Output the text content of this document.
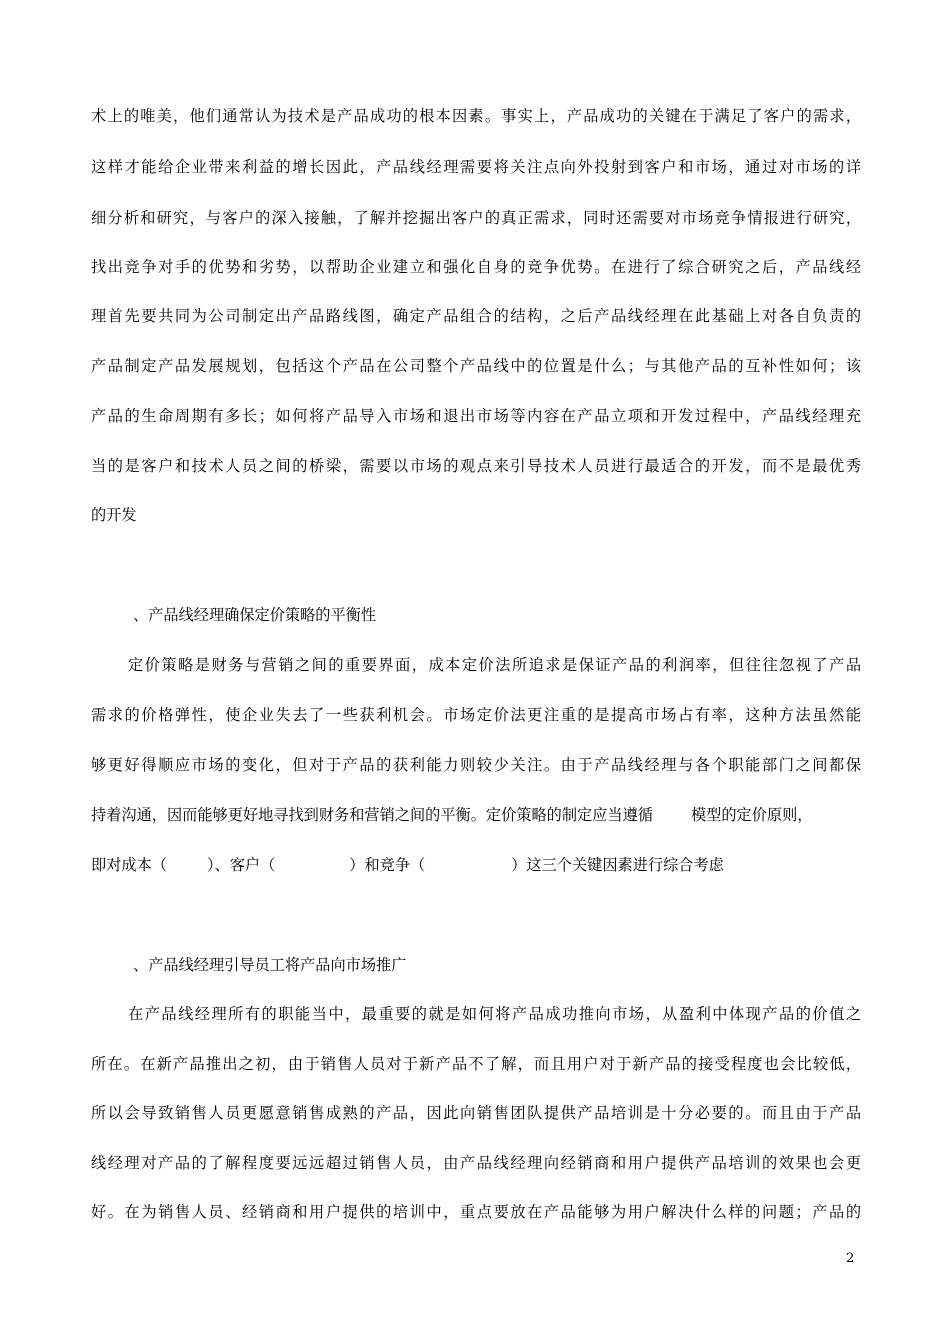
术上的唯美，他们通常认为技术是产品成功的根本因素。事实上，产品成功的关键在于满足了客户的需求，
这样才能给企业带来利益的增长因此，产品线经理需要将关注点向外投射到客户和市场，通过对市场的详
细分析和研究，与客户的深入接触，了解并挖掘出客户的真正需求，同时还需要对市场竞争情报进行研究，
找出竞争对手的优势和劣势，以帮助企业建立和强化自身的竞争优势。在进行了综合研究之后，产品线经
理首先要共同为公司制定出产品路线图，确定产品组合的结构，之后产品线经理在此基础上对各自负责的
产品制定产品发展规划，包括这个产品在公司整个产品线中的位置是什么；与其他产品的互补性如何；该
产品的生命周期有多长；如何将产品导入市场和退出市场等内容在产品立项和开发过程中，产品线经理充
当的是客户和技术人员之间的桥梁，需要以市场的观点来引导技术人员进行最适合的开发，而不是最优秀
的开发
、产品线经理确保定价策略的平衡性
定价策略是财务与营销之间的重要界面，成本定价法所追求是保证产品的利润率，但往往忽视了产品
需求的价格弹性，使企业失去了一些获利机会。市场定价法更注重的是提高市场占有率，这种方法虽然能
够更好得顺应市场的变化，但对于产品的获利能力则较少关注。由于产品线经理与各个职能部门之间都保
持着沟通，因而能够更好地寻找到财务和营销之间的平衡。定价策略的制定应当遵循	模型的定价原则，
即对成本（	）、客户（	）和竞争（	）这三个关键因素进行综合考虑
、产品线经理引导员工将产品向市场推广
在产品线经理所有的职能当中，最重要的就是如何将产品成功推向市场，从盈利中体现产品的价值之
所在。在新产品推出之初，由于销售人员对于新产品不了解，而且用户对于新产品的接受程度也会比较低，
所以会导致销售人员更愿意销售成熟的产品，因此向销售团队提供产品培训是十分必要的。而且由于产品
线经理对产品的了解程度要远远超过销售人员，由产品线经理向经销商和用户提供产品培训的效果也会更
好。在为销售人员、经销商和用户提供的培训中，重点要放在产品能够为用户解决什么样的问题；产品的
2
